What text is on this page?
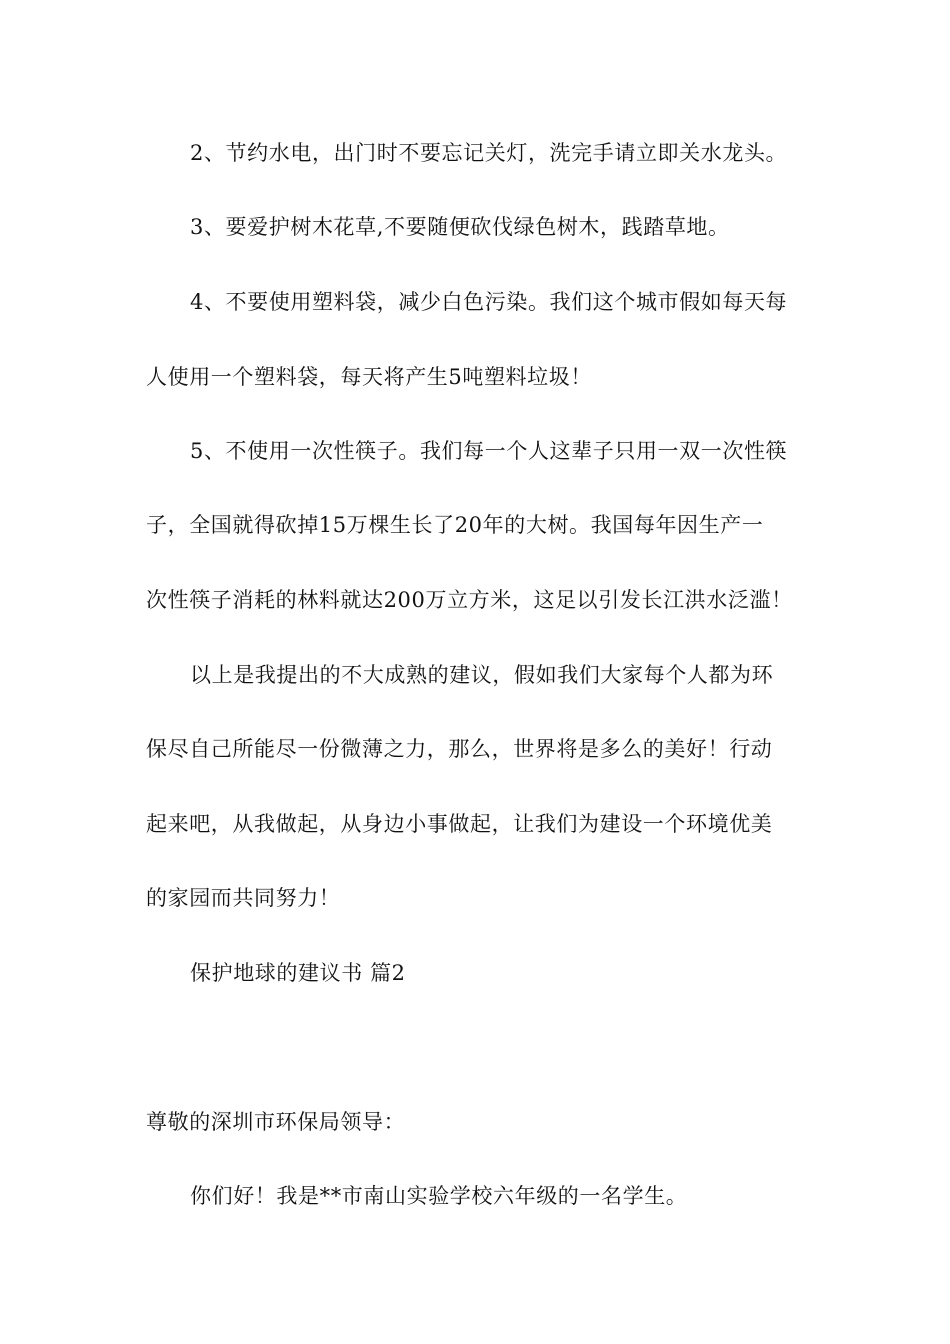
2、节约水电，出门时不要忘记关灯，洗完手请立即关水龙头。
3、要爱护树木花草,不要随便砍伐绿色树木，践踏草地。
4、不要使用塑料袋，减少白色污染。我们这个城市假如每天每
人使用一个塑料袋，每天将产生5吨塑料垃圾！
5、不使用一次性筷子。我们每一个人这辈子只用一双一次性筷
子，全国就得砍掉15万棵生长了20年的大树。我国每年因生产一
次性筷子消耗的林料就达200万立方米，这足以引发长江洪水泛滥！
以上是我提出的不大成熟的建议，假如我们大家每个人都为环
保尽自己所能尽一份微薄之力，那么，世界将是多么的美好！行动
起来吧，从我做起，从身边小事做起，让我们为建设一个环境优美
的家园而共同努力！
保护地球的建议书 篇2
尊敬的深圳市环保局领导：
你们好！我是**市南山实验学校六年级的一名学生。
